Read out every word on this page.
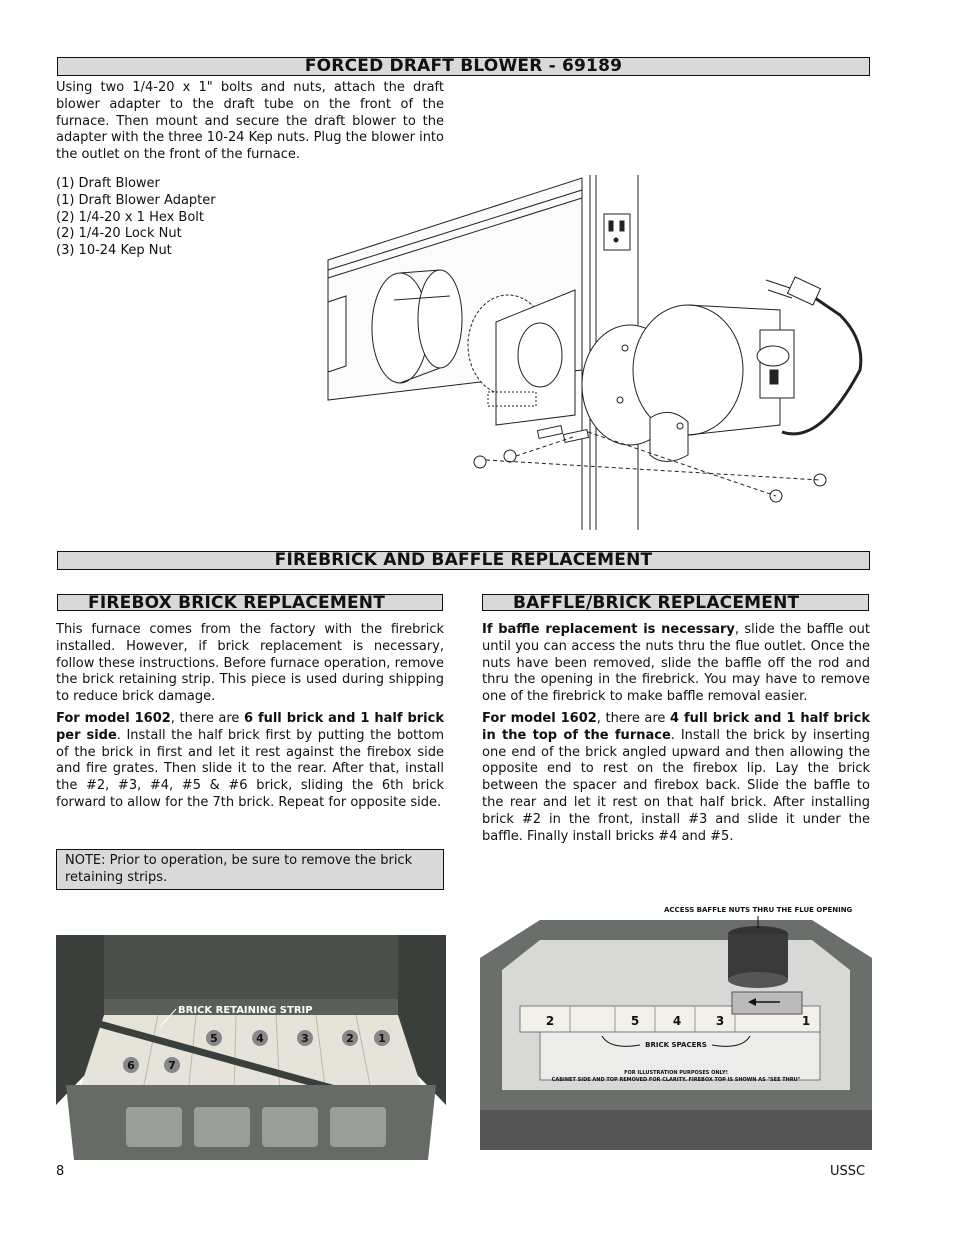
FORCED DRAFT BLOWER - 69189

Using two 1/4-20 x 1" bolts and nuts, attach the draft blower adapter to the draft tube on the front of the furnace. Then mount and secure the draft blower to the adapter with the three 10-24 Kep nuts. Plug the blower into the outlet on the front of the furnace.

(1) Draft Blower
(1) Draft Blower Adapter
(2) 1/4-20 x 1 Hex Bolt
(2) 1/4-20 Lock Nut
(3) 10-24 Kep Nut
FIREBRICK AND BAFFLE REPLACEMENT
FIREBOX BRICK REPLACEMENT

This furnace comes from the factory with the firebrick installed. However, if brick replacement is necessary, follow these instructions. Before furnace operation, remove the brick retaining strip. This piece is used during shipping to reduce brick damage.

For model 1602, there are 6 full brick and 1 half brick per side. Install the half brick first by putting the bottom of the brick in first and let it rest against the firebox side and fire grates. Then slide it to the rear. After that, install the #2, #3, #4, #5 & #6 brick, sliding the 6th brick forward to allow for the 7th brick. Repeat for opposite side.

NOTE: Prior to operation, be sure to remove the brick retaining strips.
BAFFLE/BRICK REPLACEMENT

If baffle replacement is necessary, slide the baffle out until you can access the nuts thru the flue outlet. Once the nuts have been removed, slide the baffle off the rod and thru the opening in the firebrick. You may have to remove one of the firebrick to make baffle removal easier.

For model 1602, there are 4 full brick and 1 half brick in the top of the furnace. Install the brick by inserting one end of the brick angled upward and then allowing the opposite end to rest on the firebox lip. Lay the brick between the spacer and firebox back. Slide the baffle to the rear and let it rest on that half brick. After installing brick #2 in the front, install #3 and slide it under the baffle. Finally install bricks #4 and #5.

BRICK RETAINING STRIP
5	4	3	2 1
6	7
ACCESS BAFFLE NUTS THRU THE FLUE OPENING
2	5	4	3	1
BRICK SPACERS
FOR ILLUSTRATION PURPOSES ONLY!
CABINET SIDE AND TOP REMOVED FOR CLARITY. FIREBOX TOP IS SHOWN AS "SEE THRU"
8	USSC
